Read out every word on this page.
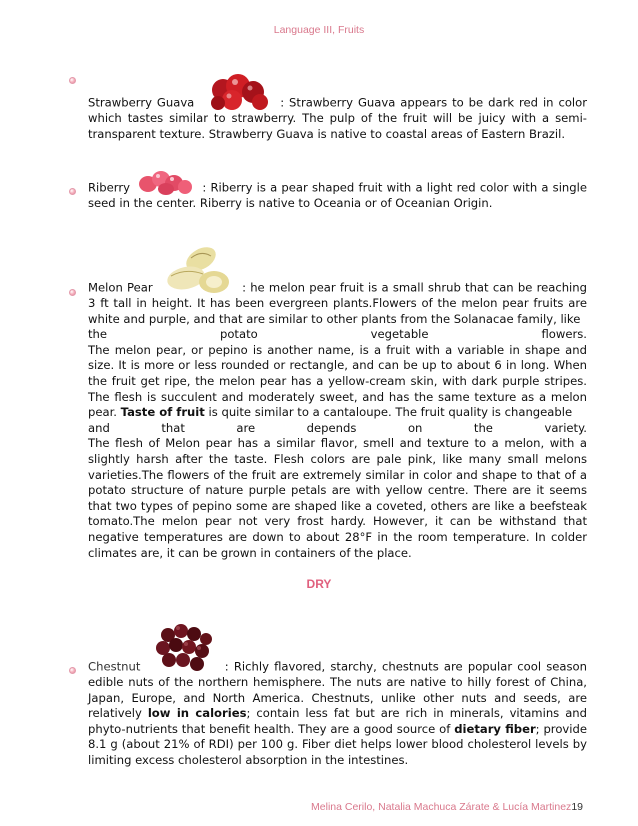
Language III, Fruits

Strawberry Guava	: Strawberry Guava appears to be dark red in color which tastes similar to strawberry. The pulp of the fruit will be juicy with a semi-transparent texture. Strawberry Guava is native to coastal areas of Eastern Brazil.

Riberry	: Riberry is a pear shaped fruit with a light red color with a single seed in the center. Riberry is native to Oceania or of Oceanian Origin.

Melon Pear	: he melon pear fruit is a small shrub that can be reaching 3 ft tall in height. It has been evergreen plants.Flowers of the melon pear fruits are white and purple, and that are similar to other plants from the Solanacae family, like

the potato vegetable flowers.

The melon pear, or pepino is another name, is a fruit with a variable in shape and size. It is more or less rounded or rectangle, and can be up to about 6 in long. When the fruit get ripe, the melon pear has a yellow-cream skin, with dark purple stripes. The flesh is succulent and moderately sweet, and has the same texture as a melon pear. Taste of fruit is quite similar to a cantaloupe. The fruit quality is changeable

and that are depends on the variety.

The flesh of Melon pear has a similar flavor, smell and texture to a melon, with a slightly harsh after the taste. Flesh colors are pale pink, like many small melons varieties.The flowers of the fruit are extremely similar in color and shape to that of a potato structure of nature purple petals are with yellow centre. There are it seems that two types of pepino some are shaped like a coveted, others are like a beefsteak tomato.The melon pear not very frost hardy. However, it can be withstand that negative temperatures are down to about 28°F in the room temperature. In colder climates are, it can be grown in containers of the place.

DRY

Chestnut	: Richly flavored, starchy, chestnuts are popular cool season edible nuts of the northern hemisphere. The nuts are native to hilly forest of China, Japan, Europe, and North America. Chestnuts, unlike other nuts and seeds, are relatively low in calories; contain less fat but are rich in minerals, vitamins and phyto-nutrients that benefit health. They are a good source of dietary fiber; provide 8.1 g (about 21% of RDI) per 100 g. Fiber diet helps lower blood cholesterol levels by limiting excess cholesterol absorption in the intestines.

Melina Cerilo, Natalia Machuca Zárate & Lucía Martinez19
